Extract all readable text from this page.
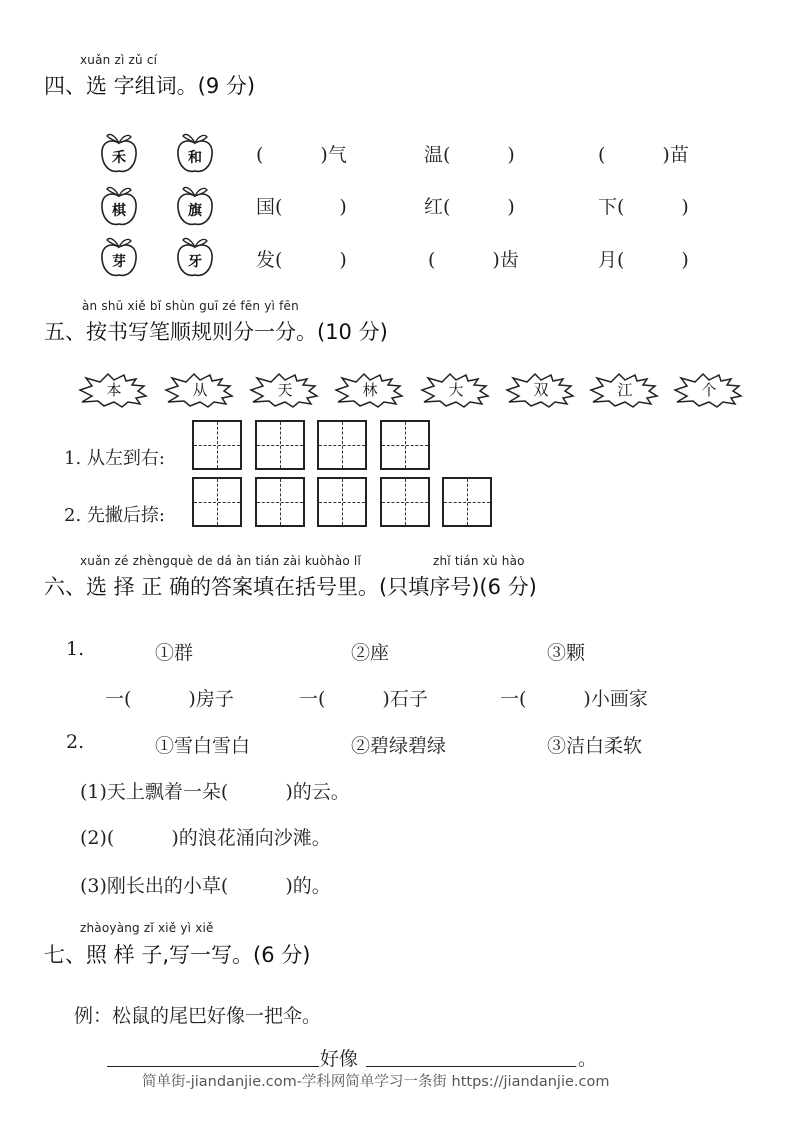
xuǎn zì zǔ cí
四、选 字组词。(9 分)
禾	和
棋	旗
芽	牙
(　　　)气	温(　　　)	(　　　)苗
国(　　　)	红(　　　)	下(　　　)
发(　　　)	(　　　)齿	月(　　　)
àn shū xiě bǐ shùn guī zé fēn yì fēn
五、按书写笔顺规则分一分。(10 分)
本	从	天	林	大	双	江	个
1. 从左到右:
2. 先撇后捺:
xuǎn zé zhèngquè de dá àn tián zài kuòhào lǐ	zhǐ tián xù hào
六、选 择 正 确的答案填在括号里。(只填序号)(6 分)
1.	①群	②座	③颗
一(　　　)房子	一(　　　)石子	一(　　　)小画家
2.	①雪白雪白	②碧绿碧绿	③洁白柔软
(1)天上飘着一朵(　　　)的云。
(2)(　　　)的浪花涌向沙滩。
(3)刚长出的小草(　　　)的。
zhàoyàng zǐ xiě yì xiě
七、照 样 子,写一写。(6 分)
例：松鼠的尾巴好像一把伞。
好像	。
简单街-jiandanjie.com-学科网简单学习一条街 https://jiandanjie.com
